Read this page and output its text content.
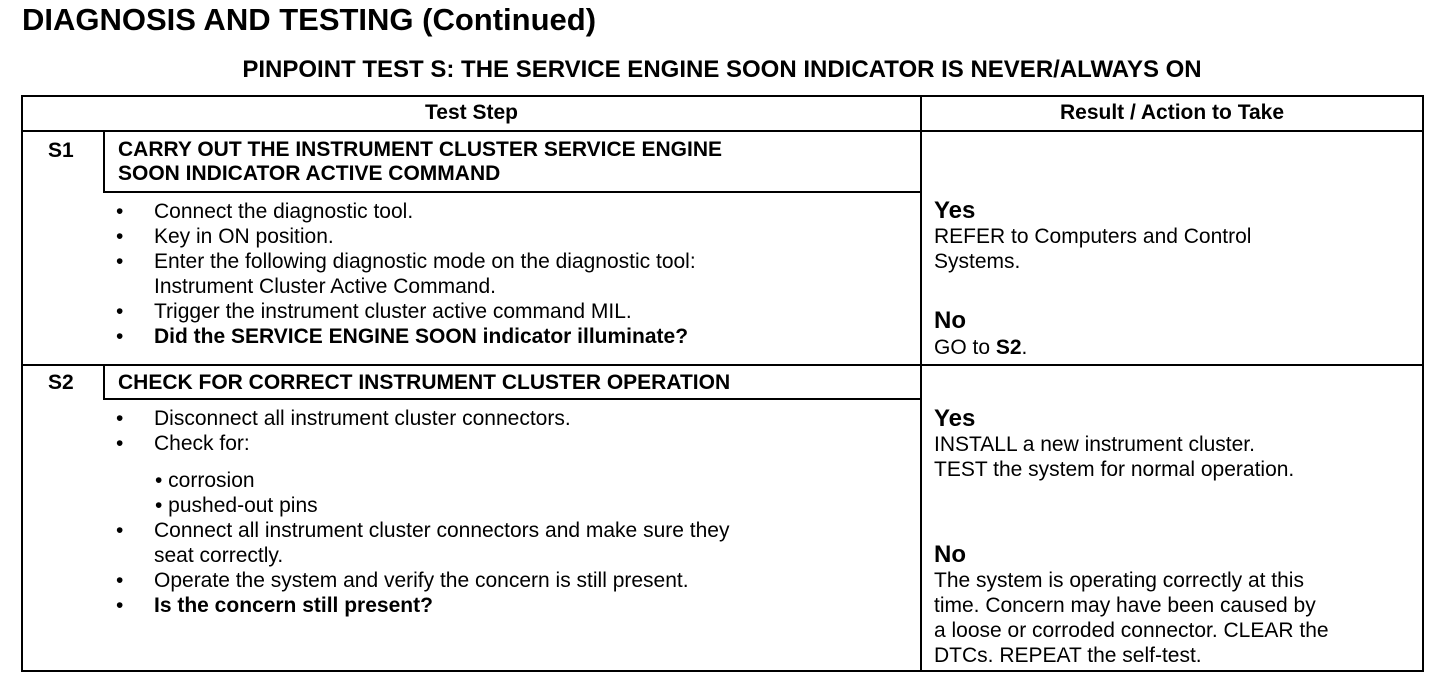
DIAGNOSIS AND TESTING (Continued)
PINPOINT TEST S: THE SERVICE ENGINE SOON INDICATOR IS NEVER/ALWAYS ON
Test Step	Result / Action to Take
S1 CARRY OUT THE INSTRUMENT CLUSTER SERVICE ENGINE
SOON INDICATOR ACTIVE COMMAND
• Connect the diagnostic tool.
• Key in ON position.
• Enter the following diagnostic mode on the diagnostic tool:
Instrument Cluster Active Command.
• Trigger the instrument cluster active command MIL.
• Did the SERVICE ENGINE SOON indicator illuminate?
Yes
REFER to Computers and Control
Systems.
No
GO to S2.
S2 CHECK FOR CORRECT INSTRUMENT CLUSTER OPERATION
• Disconnect all instrument cluster connectors.
• Check for:
• corrosion
• pushed-out pins
• Connect all instrument cluster connectors and make sure they
seat correctly.
• Operate the system and verify the concern is still present.
• Is the concern still present?
Yes
INSTALL a new instrument cluster.
TEST the system for normal operation.
No
The system is operating correctly at this
time. Concern may have been caused by
a loose or corroded connector. CLEAR the
DTCs. REPEAT the self-test.
